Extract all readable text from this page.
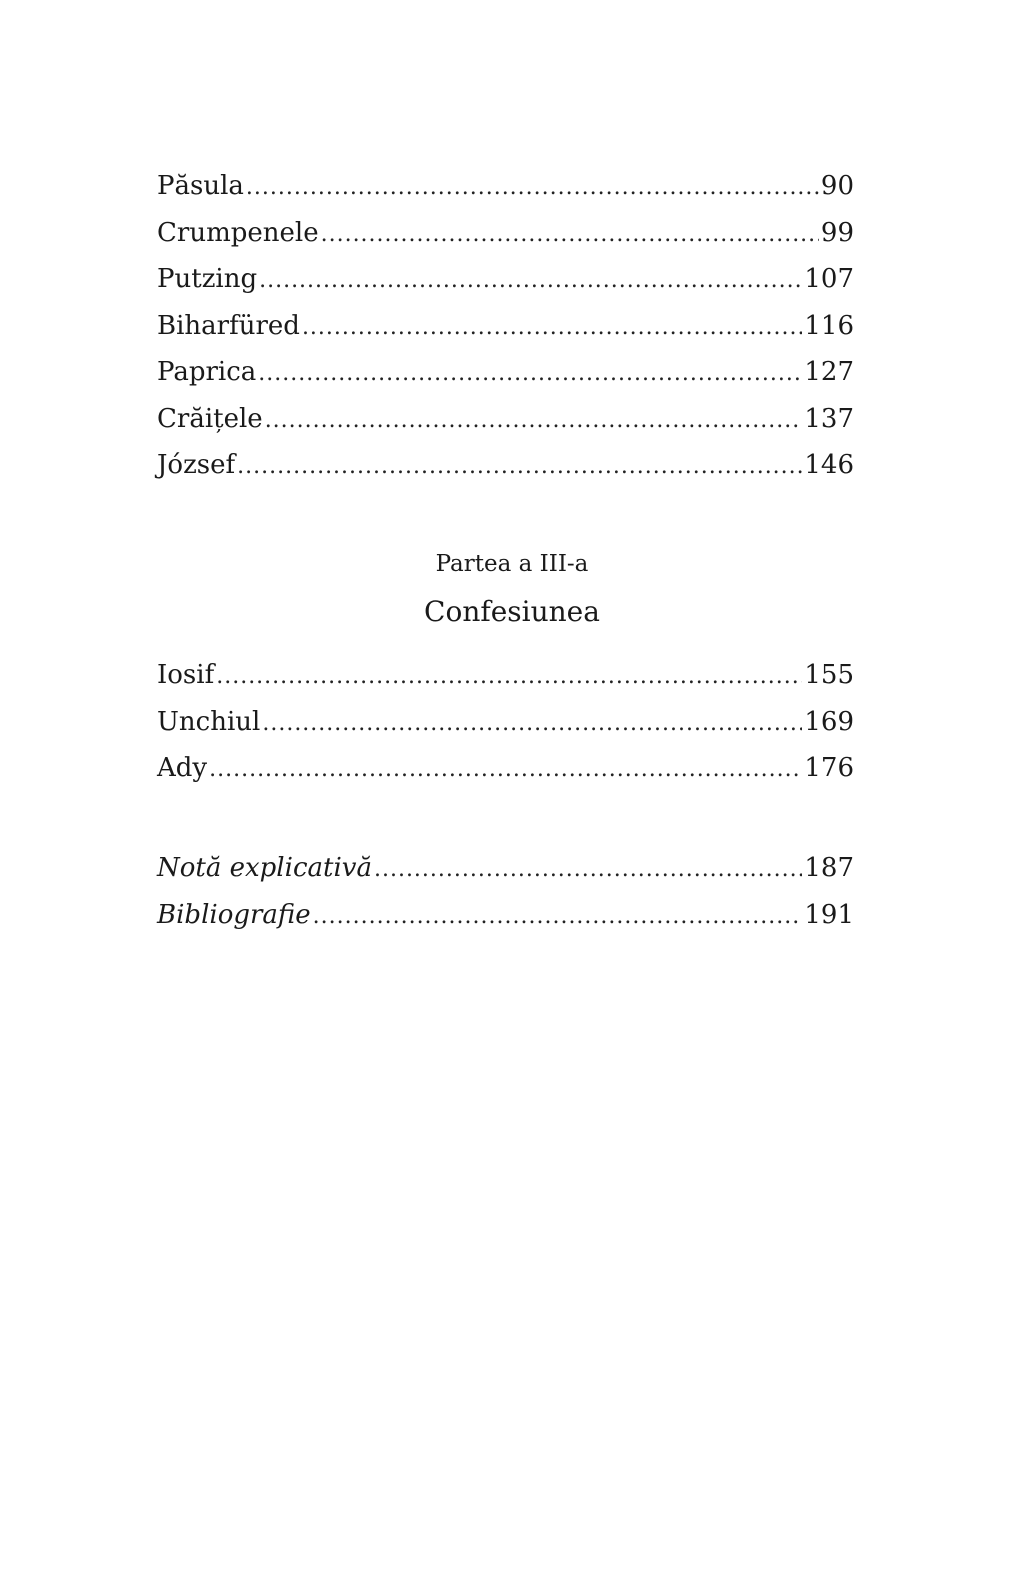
Păsula .....	90
Crumpenele .....	99
Putzing .....	107
Biharfüred .....	116
Paprica .....	127
Crăițele .....	137
József .....	146
Partea a III-a
Confesiunea
Iosif .....	155
Unchiul .....	169
Ady .....	176
Notă explicativă .....	187
Bibliografie .....	191
